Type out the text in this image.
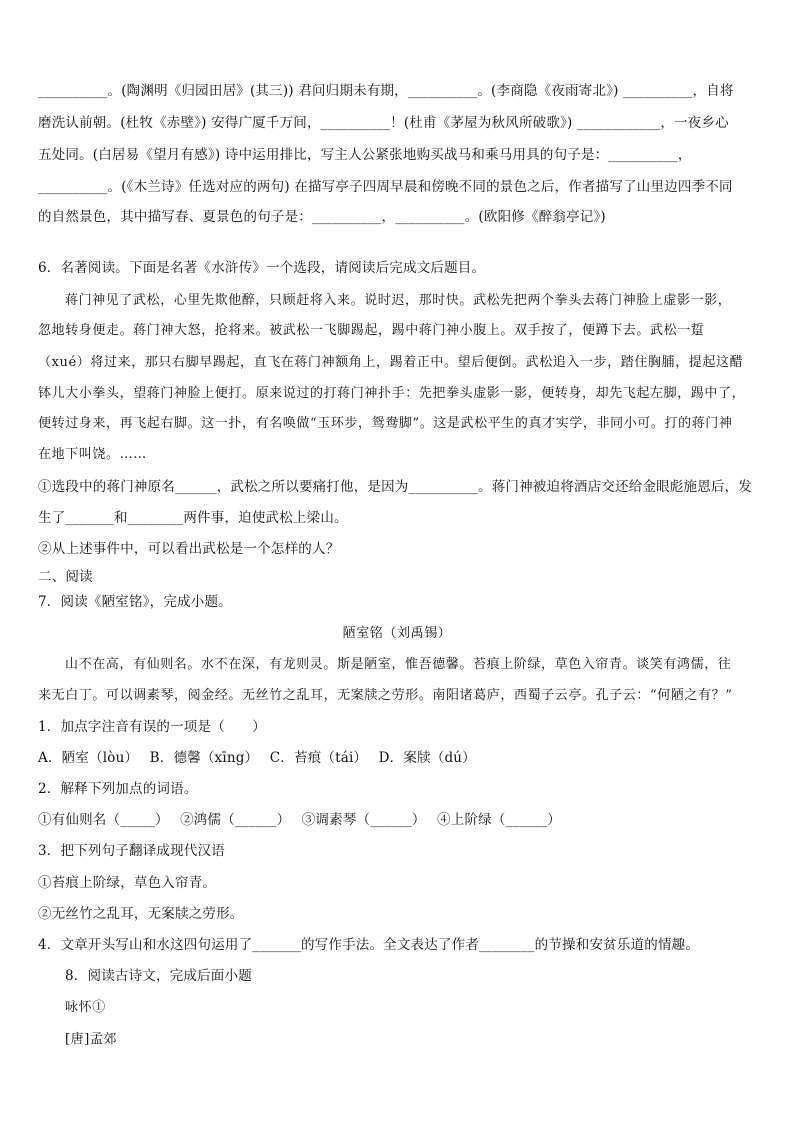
__________。(陶渊明《归园田居》(其三)) 君问归期未有期，__________。(李商隐《夜雨寄北》) __________，自将
磨洗认前朝。(杜牧《赤壁》) 安得广厦千万间，__________！(杜甫《茅屋为秋风所破歌》) ____________，一夜乡心
五处同。(白居易《望月有感》) 诗中运用排比，写主人公紧张地购买战马和乘马用具的句子是：__________，
__________。(《木兰诗》任选对应的两句) 在描写亭子四周早晨和傍晚不同的景色之后，作者描写了山里边四季不同
的自然景色，其中描写春、夏景色的句子是：__________，__________。(欧阳修《醉翁亭记》)
6．名著阅读。下面是名著《水浒传》一个选段，请阅读后完成文后题目。
蒋门神见了武松，心里先欺他醉，只顾赶将入来。说时迟，那时快。武松先把两个拳头去蒋门神脸上虚影一影，
忽地转身便走。蒋门神大怒，抢将来。被武松一飞脚踢起，踢中蒋门神小腹上。双手按了，便蹲下去。武松一踅
（xué）将过来，那只右脚早踢起，直飞在蒋门神额角上，踢着正中。望后便倒。武松追入一步，踏住胸脯，提起这醋
钵儿大小拳头，望蒋门神脸上便打。原来说过的打蒋门神扑手：先把拳头虚影一影，便转身，却先飞起左脚，踢中了，
便转过身来，再飞起右脚。这一扑，有名唤做“玉环步，鸳鸯脚”。这是武松平生的真才实学，非同小可。打的蒋门神
在地下叫饶。……
①选段中的蒋门神原名______，武松之所以要痛打他，是因为__________。蒋门神被迫将酒店交还给金眼彪施恩后，发
生了_______和________两件事，迫使武松上梁山。
②从上述事件中，可以看出武松是一个怎样的人？
二、阅读
7．阅读《陋室铭》，完成小题。
陋室铭（刘禹锡）
山不在高，有仙则名。水不在深，有龙则灵。斯是陋室，惟吾德馨。苔痕上阶绿，草色入帘青。谈笑有鸿儒，往
来无白丁。可以调素琴，阅金经。无丝竹之乱耳，无案牍之劳形。南阳诸葛庐，西蜀子云亭。孔子云：“何陋之有？”
1．加点字注音有误的一项是（　　）
A．陋室（lòu）　 B．德馨（xīng）　 C．苔痕（tái）　 D．案牍（dú）
2．解释下列加点的词语。
①有仙则名（_____）　 ②鸿儒（______）　 ③调素琴（______）　 ④上阶绿（______）
3．把下列句子翻译成现代汉语
①苔痕上阶绿，草色入帘青。
②无丝竹之乱耳，无案牍之劳形。
4．文章开头写山和水这四句运用了_______的写作手法。全文表达了作者________的节操和安贫乐道的情趣。
8．阅读古诗文，完成后面小题
咏怀①
[唐]孟郊
